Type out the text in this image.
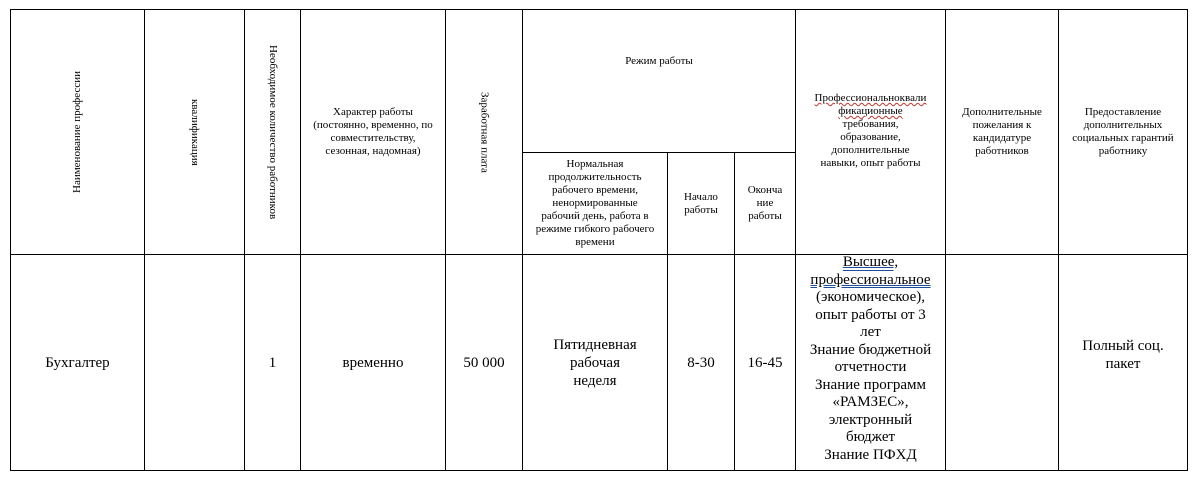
Наименование профессии	квалификация	Необходимое количество работников	Характер работы (постоянно, временно, по совместительству, сезонная, надомная)	Заработная плата	Режим работы			Профессиональноквали фикационные
требования, образование, дополнительные навыки, опыт работы	Дополнительные пожелания к кандидатуре работников	Предоставление дополнительных социальных гарантий работнику

					Нормальная продолжительность рабочего времени, ненормированные рабочий день, работа в режиме гибкого рабочего времени	Начало работы	Оконча ние работы			

Бухгалтер		1	временно	50 000	Пятидневная рабочая неделя	8-30	16-45	Высшее, профессиональное
(экономическое), опыт работы от 3 лет
Знание бюджетной отчетности
Знание программ «РАМЗЕС», электронный бюджет
Знание ПФХД		Полный соц. пакет
